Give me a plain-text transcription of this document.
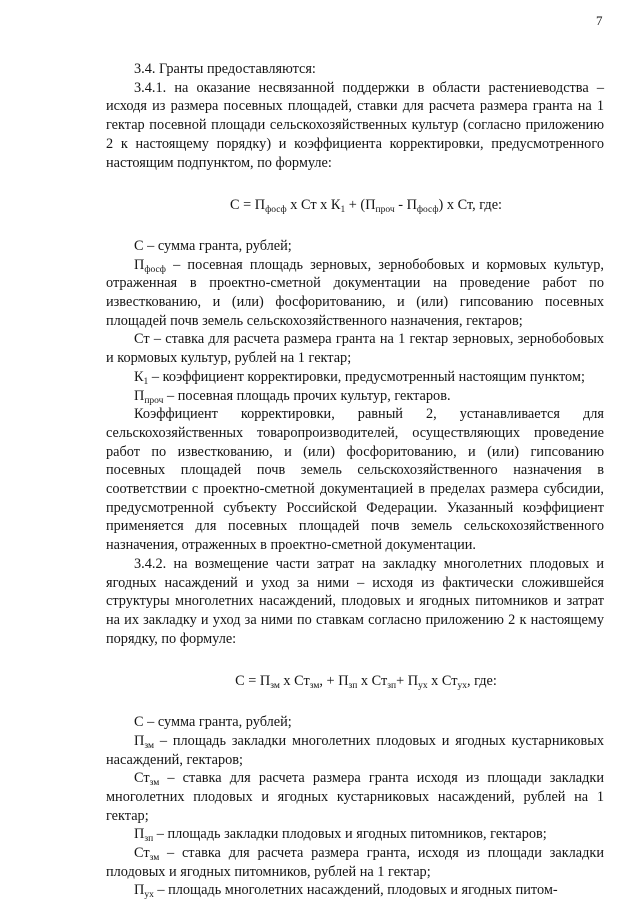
7

3.4. Гранты предоставляются:

3.4.1. на оказание несвязанной поддержки в области растениеводства – исходя из размера посевных площадей, ставки для расчета размера гранта на 1 гектар посевной площади сельскохозяйственных культур (согласно приложению 2 к настоящему порядку) и коэффициента корректировки, предусмотренного настоящим подпунктом, по формуле:

$С = П_{фосф}$ х Ст х $К_1 + (П_{проч} - П_{фосф})$ х Ст, где:

С – сумма гранта, рублей;

$П_{фосф}$ – посевная площадь зерновых, зернобобовых и кормовых культур, отраженная в проектно-сметной документации на проведение работ по известкованию, и (или) фосфоритованию, и (или) гипсованию посевных площадей почв земель сельскохозяйственного назначения, гектаров;

Ст – ставка для расчета размера гранта на 1 гектар зерновых, зернобобовых и кормовых культур, рублей на 1 гектар;

$К_1$ – коэффициент корректировки, предусмотренный настоящим пунктом;

$П_{проч}$ – посевная площадь прочих культур, гектаров.

Коэффициент корректировки, равный 2, устанавливается для сельскохозяйственных товаропроизводителей, осуществляющих проведение работ по известкованию, и (или) фосфоритованию, и (или) гипсованию посевных площадей почв земель сельскохозяйственного назначения в соответствии с проектно-сметной документацией в пределах размера субсидии, предусмотренной субъекту Российской Федерации. Указанный коэффициент применяется для посевных площадей почв земель сельскохозяйственного назначения, отраженных в проектно-сметной документации.

3.4.2. на возмещение части затрат на закладку многолетних плодовых и ягодных насаждений и уход за ними – исходя из фактически сложившейся структуры многолетних насаждений, плодовых и ягодных питомников и затрат на их закладку и уход за ними по ставкам согласно приложению 2 к настоящему порядку, по формуле:

$С = П_{зм}$ х $Ст_{зм}$, + $П_{зп}$ х $Ст_{зп}+ П_{ух}$ х $Ст_{ух}$, где:

С – сумма гранта, рублей;

$П_{зм}$ – площадь закладки многолетних плодовых и ягодных кустарниковых насаждений, гектаров;

$Ст_{зм}$ – ставка для расчета размера гранта исходя из площади закладки многолетних плодовых и ягодных кустарниковых насаждений, рублей на 1 гектар;

$П_{зп}$ – площадь закладки плодовых и ягодных питомников, гектаров;

$Ст_{зм}$ – ставка для расчета размера гранта, исходя из площади закладки плодовых и ягодных питомников, рублей на 1 гектар;

$П_{ух}$ – площадь многолетних насаждений, плодовых и ягодных питом-
